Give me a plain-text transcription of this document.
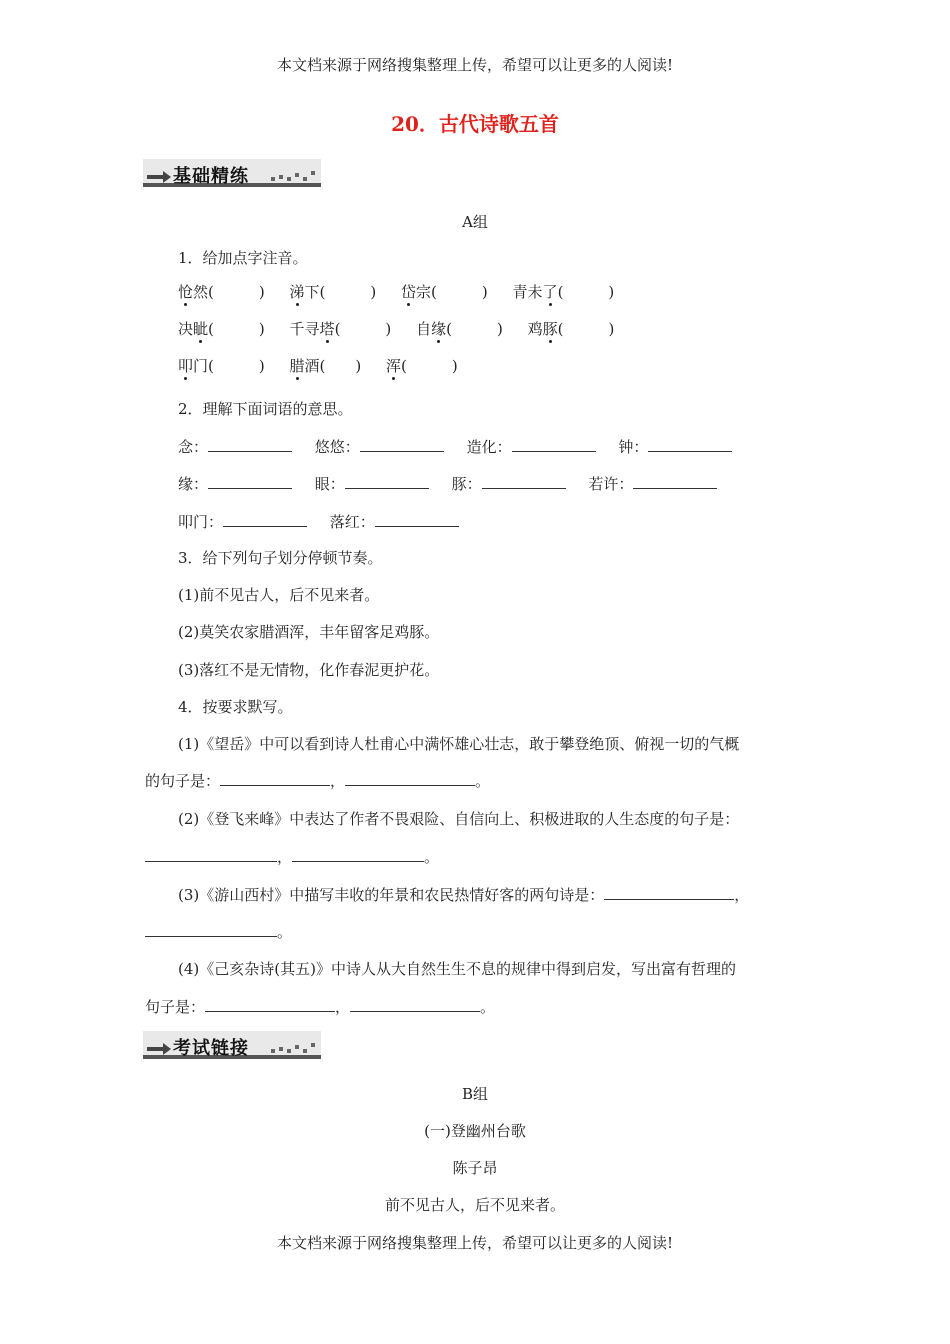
本文档来源于网络搜集整理上传，希望可以让更多的人阅读!
20．古代诗歌五首
基础精练
A组
1．给加点字注音。
怆然(　　　) 涕下(　　　) 岱宗(　　　) 青未了(　　　)
决眦(　　　) 千寻塔(　　　) 自缘(　　　) 鸡豚(　　　)
叩门(　　　) 腊酒(　　) 浑(　　　)
2．理解下面词语的意思。
念：	悠悠：	造化：	钟：
缘：	眼：	豚：	若许：
叩门：	落红：
3．给下列句子划分停顿节奏。
(1)前不见古人，后不见来者。
(2)莫笑农家腊酒浑，丰年留客足鸡豚。
(3)落红不是无情物，化作春泥更护花。
4．按要求默写。
(1)《望岳》中可以看到诗人杜甫心中满怀雄心壮志，敢于攀登绝顶、俯视一切的气概
的句子是：	，	。
(2)《登飞来峰》中表达了作者不畏艰险、自信向上、积极进取的人生态度的句子是：
，	。
(3)《游山西村》中描写丰收的年景和农民热情好客的两句诗是：	，
。
(4)《己亥杂诗(其五)》中诗人从大自然生生不息的规律中得到启发，写出富有哲理的
句子是：	，	。
考试链接
B组
(一)登幽州台歌
陈子昂
前不见古人，后不见来者。
本文档来源于网络搜集整理上传，希望可以让更多的人阅读!
